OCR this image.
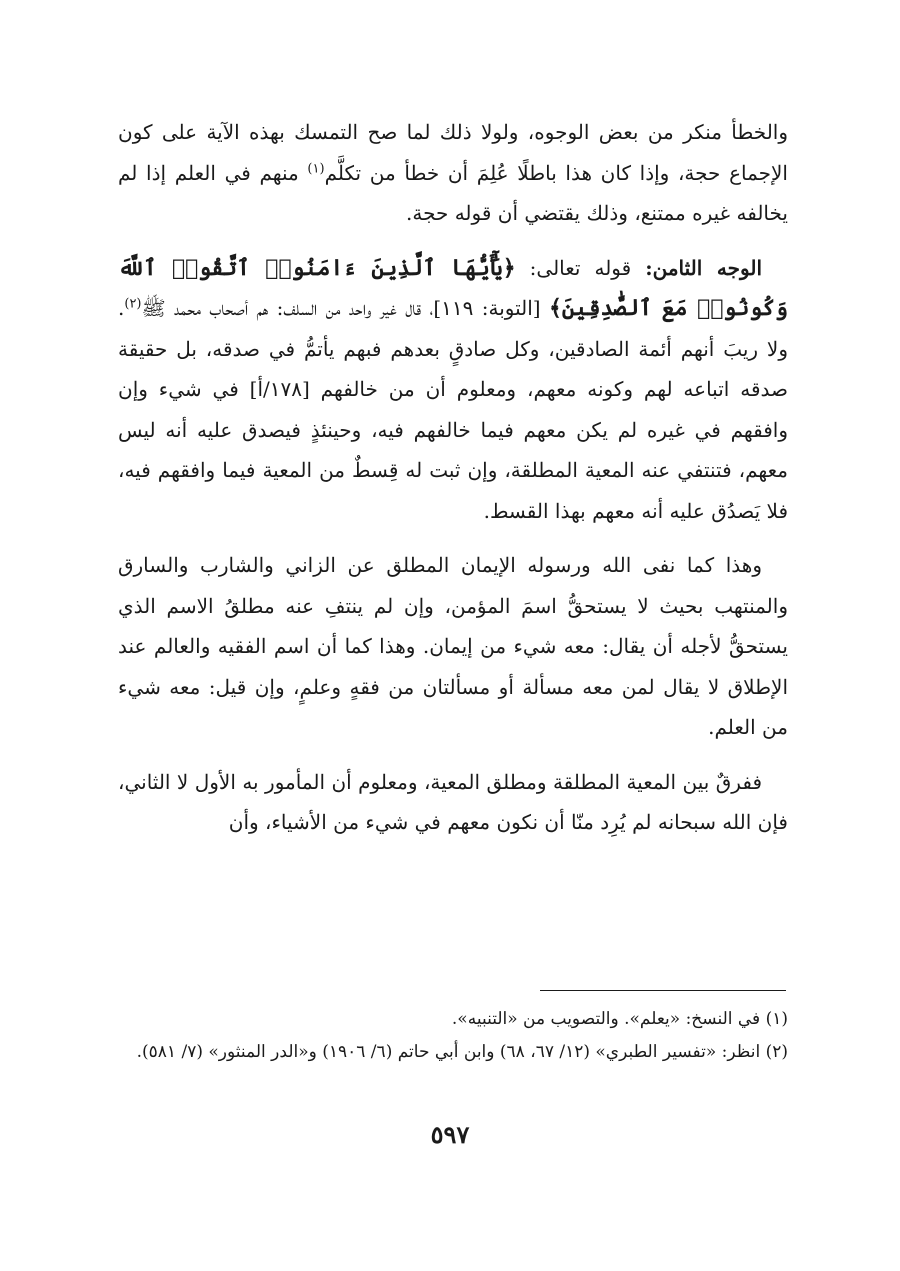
والخطأ منكر من بعض الوجوه، ولولا ذلك لما صح التمسك بهذه الآية على كون الإجماع حجة، وإذا كان هذا باطلًا عُلِمَ أن خطأ من تكلَّم$^{(١)}$ منهم في العلم إذا لم يخالفه غيره ممتنع، وذلك يقتضي أن قوله حجة.

الوجه الثامن: قوله تعالى: ﴿يَٰٓأَيُّهَا ٱلَّذِينَ ءَامَنُوا۟ ٱتَّقُوا۟ ٱللَّهَ وَكُونُوا۟ مَعَ ٱلصَّٰدِقِينَ﴾ [التوبة: ١١٩]، قال غير واحد من السلف: هم أصحاب محمد ﷺ$^{(٢)}$. ولا ريبَ أنهم أئمة الصادقين، وكل صادقٍ بعدهم فبهم يأتمُّ في صدقه، بل حقيقة صدقه اتباعه لهم وكونه معهم، ومعلوم أن من خالفهم [١٧٨/أ] في شيء وإن وافقهم في غيره لم يكن معهم فيما خالفهم فيه، وحينئذٍ فيصدق عليه أنه ليس معهم، فتنتفي عنه المعية المطلقة، وإن ثبت له قِسطٌ من المعية فيما وافقهم فيه، فلا يَصدُق عليه أنه معهم بهذا القسط.

وهذا كما نفى الله ورسوله الإيمان المطلق عن الزاني والشارب والسارق والمنتهب بحيث لا يستحقُّ اسمَ المؤمن، وإن لم ينتفِ عنه مطلقُ الاسم الذي يستحقُّ لأجله أن يقال: معه شيء من إيمان. وهذا كما أن اسم الفقيه والعالم عند الإطلاق لا يقال لمن معه مسألة أو مسألتان من فقهٍ وعلمٍ، وإن قيل: معه شيء من العلم.

ففرقٌ بين المعية المطلقة ومطلق المعية، ومعلوم أن المأمور به الأول لا الثاني، فإن الله سبحانه لم يُرِد منّا أن نكون معهم في شيء من الأشياء، وأن

(١) في النسخ: «يعلم». والتصويب من «التنبيه».

(٢) انظر: «تفسير الطبري» (١٢/ ٦٧، ٦٨) وابن أبي حاتم (٦/ ١٩٠٦) و«الدر المنثور» (٧/ ٥٨١).

٥٩٧
